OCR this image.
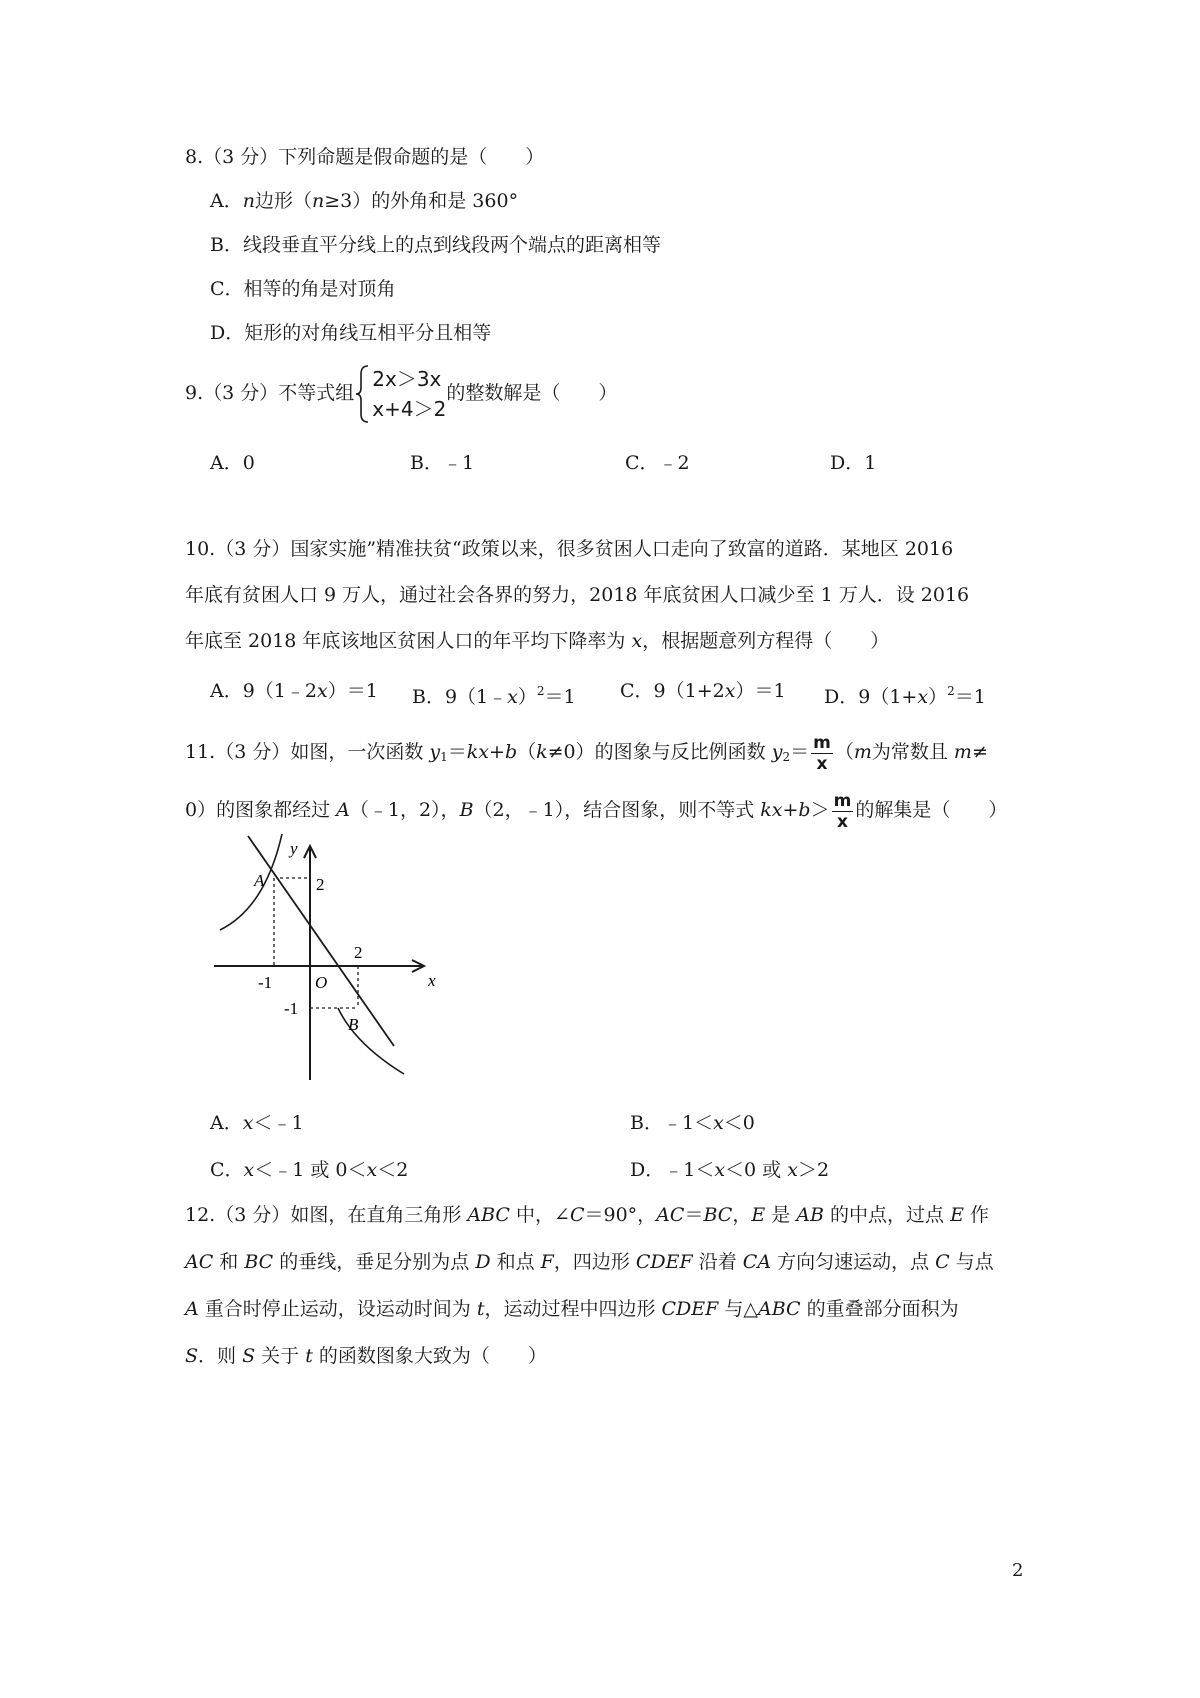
8.（3 分）下列命题是假命题的是（　　）
A．n边形（n≥3）的外角和是 360°
B．线段垂直平分线上的点到线段两个端点的距离相等
C．相等的角是对顶角
D．矩形的对角线互相平分且相等
9.（3 分）不等式组
2x＞3x
x+4＞2
的整数解是（　　）
A．0	B．﹣1	C．﹣2	D．1
10.（3 分）国家实施”精准扶贫“政策以来，很多贫困人口走向了致富的道路．某地区 2016
年底有贫困人口 9 万人，通过社会各界的努力，2018 年底贫困人口减少至 1 万人．设 2016
年底至 2018 年底该地区贫困人口的年平均下降率为 x，根据题意列方程得（　　）
A．9（1﹣2x）＝1 B．9（1﹣x）$^2$＝1 C．9（1+2x）＝1 D．$9(1+x)^2=1$
11.（3 分）如图，一次函数 $y_1=kx+b(k\ne 0)$的图象与反比例函数 $y_2= \frac{m}{x} (m$为常数且 m≠
0）的图象都经过 A（﹣1，2），B（2，﹣1），结合图象，则不等式 $kx+b> \frac{m}{x}$ 的解集是（　　）
y
x
A
B
O
2
2
-1
-1
A．x＜﹣1	B．﹣1＜x＜0
C．x＜﹣1 或 0＜x＜2	D．﹣1＜x＜0 或 x＞2
12.（3 分）如图，在直角三角形 ABC 中，∠C＝90°，AC＝BC，E 是 AB 的中点，过点 E 作
AC 和 BC 的垂线，垂足分别为点 D 和点 F，四边形 CDEF 沿着 CA 方向匀速运动，点 C 与点
A 重合时停止运动，设运动时间为 t，运动过程中四边形 CDEF 与△ABC 的重叠部分面积为
S．则 S 关于 t 的函数图象大致为（　　）
2
